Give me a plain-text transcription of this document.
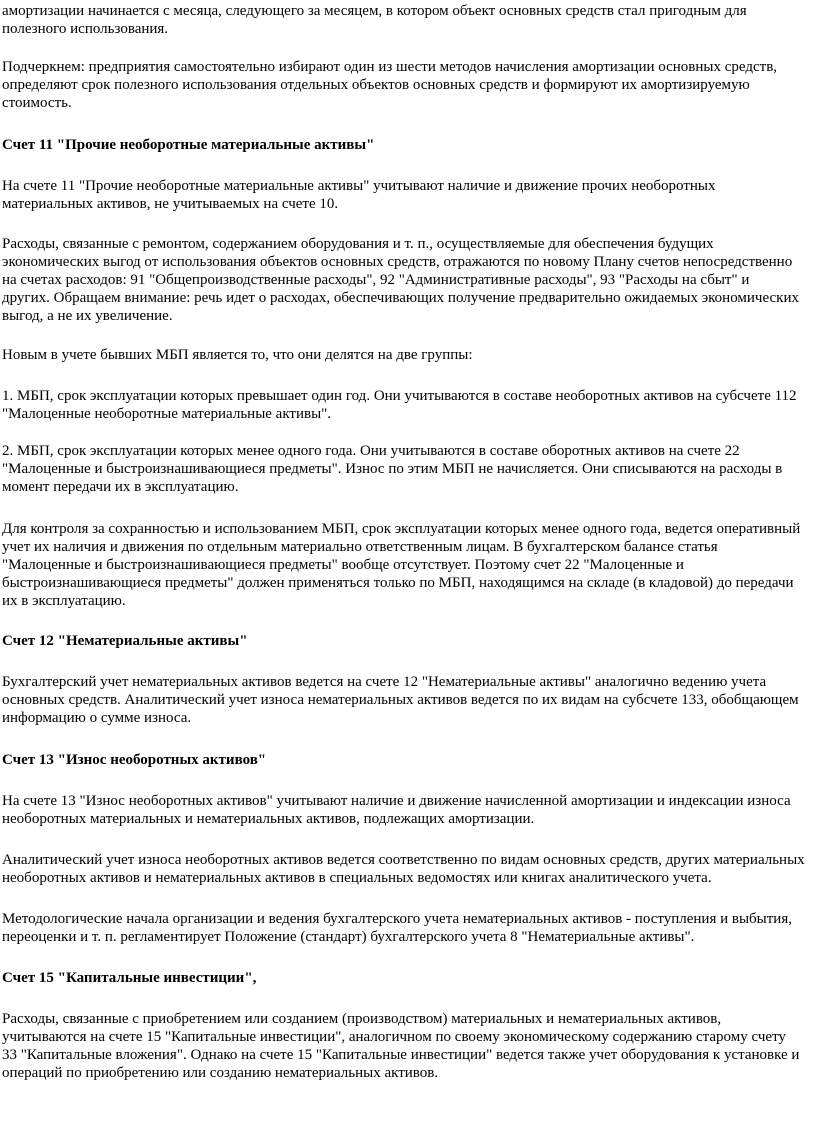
амортизации начинается с месяца, следующего за месяцем, в котором объект основных средств стал пригодным для
полезного использования.

Подчеркнем: предприятия самостоятельно избирают один из шести методов начисления амортизации основных средств,
определяют срок полезного использования отдельных объектов основных средств и формируют их амортизируемую
стоимость.

Счет 11 "Прочие необоротные материальные активы"

На счете 11 "Прочие необоротные материальные активы" учитывают наличие и движение прочих необоротных
материальных активов, не учитываемых на счете 10.

Расходы, связанные с ремонтом, содержанием оборудования и т. п., осуществляемые для обеспечения будущих
экономических выгод от использования объектов основных средств, отражаются по новому Плану счетов непосредственно
на счетах расходов: 91 "Общепроизводственные расходы", 92 "Административные расходы", 93 "Расходы на сбыт" и
других. Обращаем внимание: речь идет о расходах, обеспечивающих получение предварительно ожидаемых экономических
выгод, а не их увеличение.

Новым в учете бывших МБП является то, что они делятся на две группы:

1. МБП, срок эксплуатации которых превышает один год. Они учитываются в составе необоротных активов на субсчете 112
"Малоценные необоротные материальные активы".

2. МБП, срок эксплуатации которых менее одного года. Они учитываются в составе оборотных активов на счете 22
"Малоценные и быстроизнашивающиеся предметы". Износ по этим МБП не начисляется. Они списываются на расходы в
момент передачи их в эксплуатацию.

Для контроля за сохранностью и использованием МБП, срок эксплуатации которых менее одного года, ведется оперативный
учет их наличия и движения по отдельным материально ответственным лицам. В бухгалтерском балансе статья
"Малоценные и быстроизнашивающиеся предметы" вообще отсутствует. Поэтому счет 22 "Малоценные и
быстроизнашивающиеся предметы" должен применяться только по МБП, находящимся на складе (в кладовой) до передачи
их в эксплуатацию.

Счет 12 "Нематериальные активы"

Бухгалтерский учет нематериальных активов ведется на счете 12 "Нематериальные активы" аналогично ведению учета
основных средств. Аналитический учет износа нематериальных активов ведется по их видам на субсчете 133, обобщающем
информацию о сумме износа.

Счет 13 "Износ необоротных активов"

На счете 13 "Износ необоротных активов" учитывают наличие и движение начисленной амортизации и индексации износа
необоротных материальных и нематериальных активов, подлежащих амортизации.

Аналитический учет износа необоротных активов ведется соответственно по видам основных средств, других материальных
необоротных активов и нематериальных активов в специальных ведомостях или книгах аналитического учета.

Методологические начала организации и ведения бухгалтерского учета нематериальных активов - поступления и выбытия,
переоценки и т. п. регламентирует Положение (стандарт) бухгалтерского учета 8 "Нематериальные активы".

Счет 15 "Капитальные инвестиции",

Расходы, связанные с приобретением или созданием (производством) материальных и нематериальных активов,
учитываются на счете 15 "Капитальные инвестиции", аналогичном по своему экономическому содержанию старому счету
33 "Капитальные вложения". Однако на счете 15 "Капитальные инвестиции" ведется также учет оборудования к установке и
операций по приобретению или созданию нематериальных активов.
